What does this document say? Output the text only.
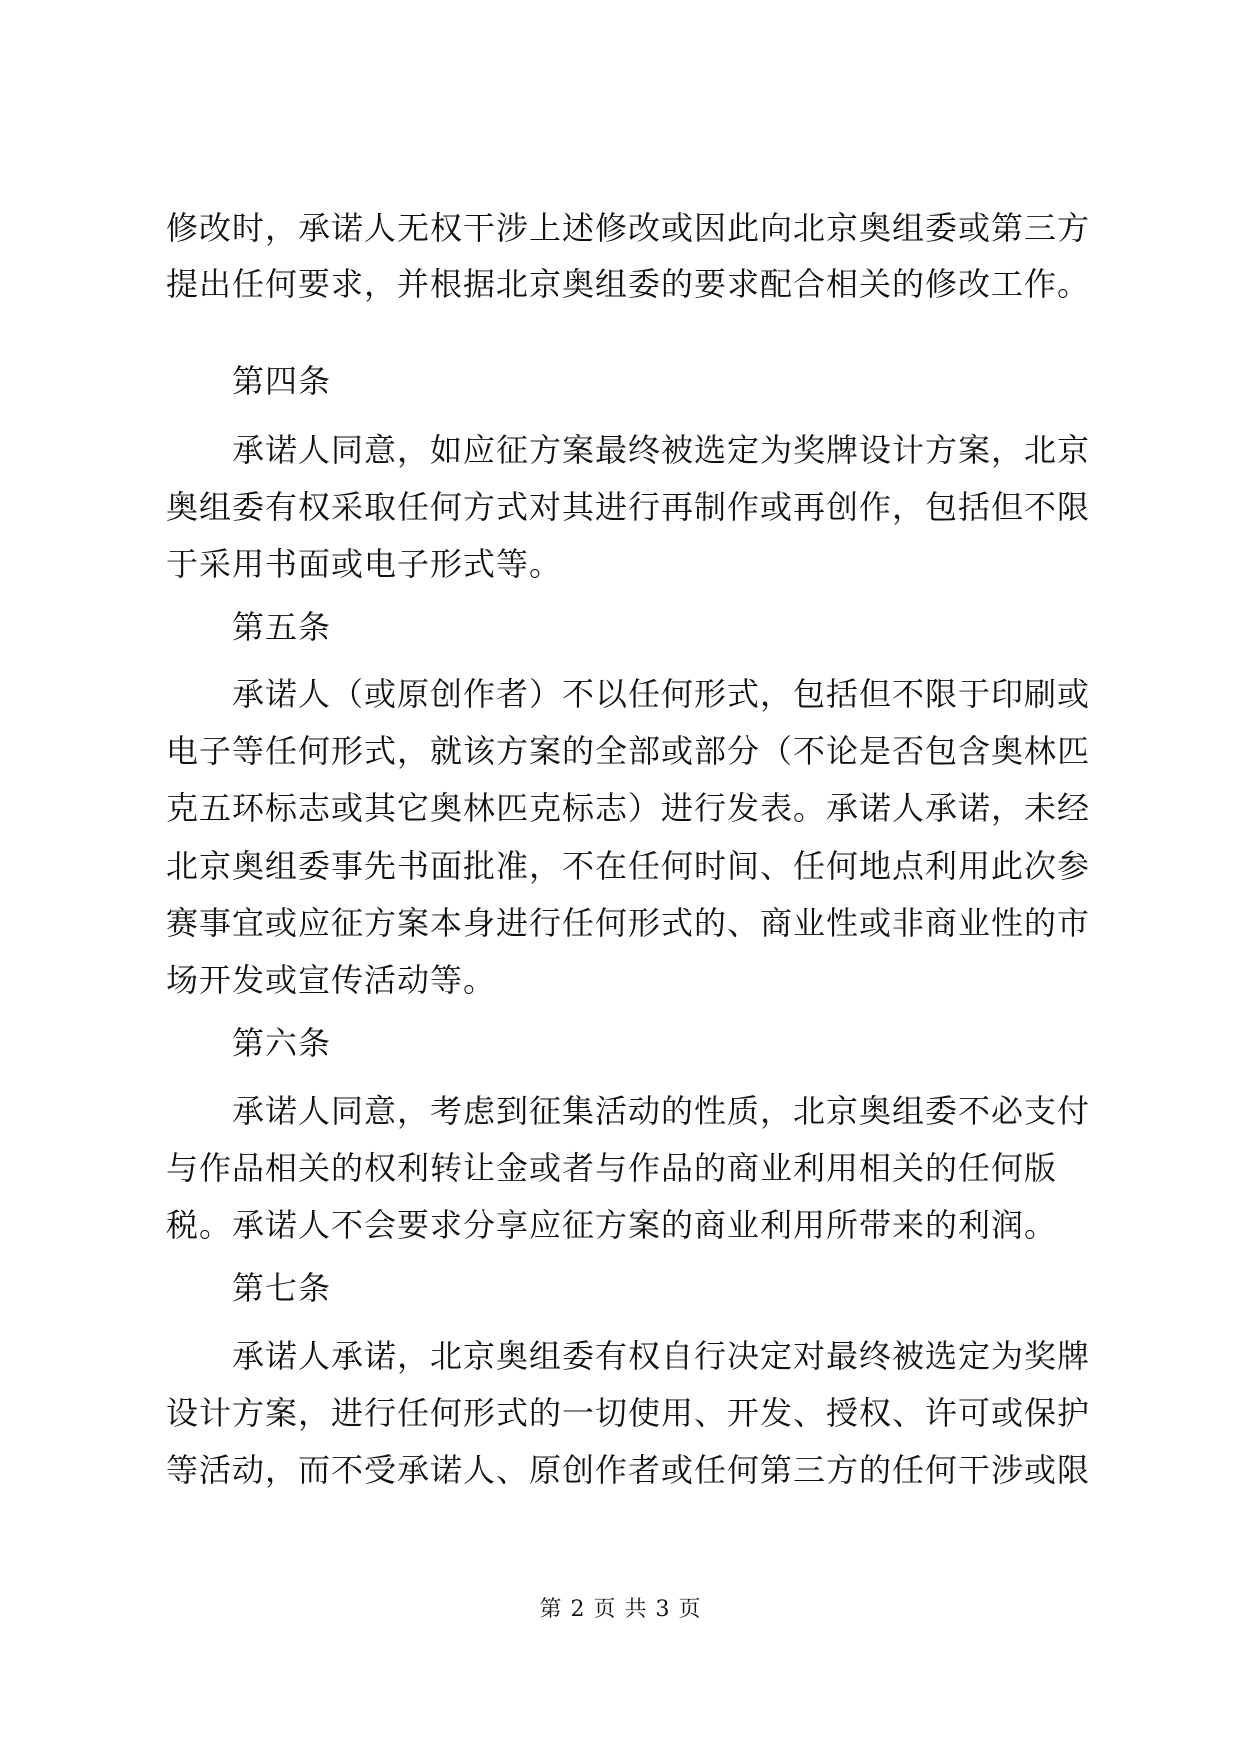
修改时，承诺人无权干涉上述修改或因此向北京奥组委或第三方
提出任何要求，并根据北京奥组委的要求配合相关的修改工作。
第四条
承诺人同意，如应征方案最终被选定为奖牌设计方案，北京
奥组委有权采取任何方式对其进行再制作或再创作，包括但不限
于采用书面或电子形式等。
第五条
承诺人（或原创作者）不以任何形式，包括但不限于印刷或
电子等任何形式，就该方案的全部或部分（不论是否包含奥林匹
克五环标志或其它奥林匹克标志）进行发表。承诺人承诺，未经
北京奥组委事先书面批准，不在任何时间、任何地点利用此次参
赛事宜或应征方案本身进行任何形式的、商业性或非商业性的市
场开发或宣传活动等。
第六条
承诺人同意，考虑到征集活动的性质，北京奥组委不必支付
与作品相关的权利转让金或者与作品的商业利用相关的任何版
税。承诺人不会要求分享应征方案的商业利用所带来的利润。
第七条
承诺人承诺，北京奥组委有权自行决定对最终被选定为奖牌
设计方案，进行任何形式的一切使用、开发、授权、许可或保护
等活动，而不受承诺人、原创作者或任何第三方的任何干涉或限
第 2 页 共 3 页
